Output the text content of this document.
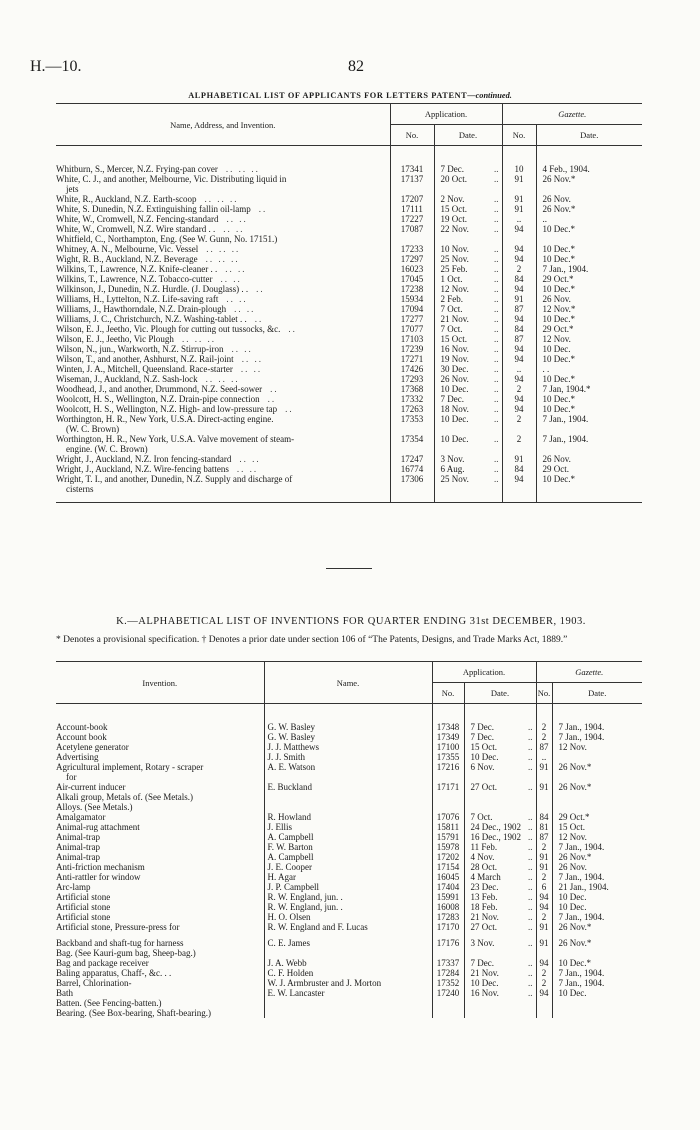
H.—10.	82
ALPHABETICAL LIST OF APPLICANTS FOR LETTERS PATENT—continued.
Name, Address, and Invention.	Application.			Gazette.	
	No.	Date.		No.	Date.

Whitburn, S., Mercer, N.Z. Frying-pan cover .. .. ..	17341	7 Dec.	..	10	4 Feb., 1904.
White, C. J., and another, Melbourne, Vic. Distributing liquid in
jets	17137	20 Oct.	..	91	26 Nov.*
White, R., Auckland, N.Z. Earth-scoop .. .. ..	17207	2 Nov.	..	91	26 Nov.
White, S. Dunedin, N.Z. Extinguishing fallin oil-lamp ..	17111	15 Oct.	..	91	26 Nov.*
White, W., Cromwell, N.Z. Fencing-standard .. ..	17227	19 Oct.	..	..	..
White, W., Cromwell, N.Z. Wire standard . . .. ..	17087	22 Nov.	..	94	10 Dec.*
Whitfield, C., Northampton, Eng. (See W. Gunn, No. 17151.)					
Whitney, A. N., Melbourne, Vic. Vessel .. .. ..	17233	10 Nov.	..	94	10 Dec.*
Wight, R. B., Auckland, N.Z. Beverage .. .. ..	17297	25 Nov.	..	94	10 Dec.*
Wilkins, T., Lawrence, N.Z. Knife-cleaner . . .. ..	16023	25 Feb.	..	2	7 Jan., 1904.
Wilkins, T., Lawrence, N.Z. Tobacco-cutter .. ..	17045	1 Oct.	..	84	29 Oct.*
Wilkinson, J., Dunedin, N.Z. Hurdle. (J. Douglass) . . ..	17238	12 Nov.	..	94	10 Dec.*
Williams, H., Lyttelton, N.Z. Life-saving raft .. ..	15934	2 Feb.	..	91	26 Nov.
Williams, J., Hawthorndale, N.Z. Drain-plough .. ..	17094	7 Oct.	..	87	12 Nov.*
Williams, J. C., Christchurch, N.Z. Washing-tablet . . ..	17277	21 Nov.	..	94	10 Dec.*
Wilson, E. J., Jeetho, Vic. Plough for cutting out tussocks, &c. ..	17077	7 Oct.	..	84	29 Oct.*
Wilson, E. J., Jeetho, Vic Plough .. .. ..	17103	15 Oct.	..	87	12 Nov.
Wilson, N., jun., Warkworth, N.Z. Stirrup-iron .. ..	17239	16 Nov.	..	94	10 Dec.
Wilson, T., and another, Ashhurst, N.Z. Rail-joint .. ..	17271	19 Nov.	..	94	10 Dec.*
Winten, J. A., Mitchell, Queensland. Race-starter .. ..	17426	30 Dec.	..	..	. .
Wiseman, J., Auckland, N.Z. Sash-lock .. .. ..	17293	26 Nov.	..	94	10 Dec.*
Woodhead, J., and another, Drummond, N.Z. Seed-sower ..	17368	10 Dec.	..	2	7 Jan, 1904.*
Woolcott, H. S., Wellington, N.Z. Drain-pipe connection ..	17332	7 Dec.	..	94	10 Dec.*
Woolcott, H. S., Wellington, N.Z. High- and low-pressure tap ..	17263	18 Nov.	..	94	10 Dec.*
Worthington, H. R., New York, U.S.A. Direct-acting engine.
(W. C. Brown)	17353	10 Dec.	..	2	7 Jan., 1904.
Worthington, H. R., New York, U.S.A. Valve movement of steam-
engine. (W. C. Brown)	17354	10 Dec.	..	2	7 Jan., 1904.
Wright, J., Auckland, N.Z. Iron fencing-standard .. ..	17247	3 Nov.	..	91	26 Nov.
Wright, J., Auckland, N.Z. Wire-fencing battens .. ..	16774	6 Aug.	..	84	29 Oct.
Wright, T. I., and another, Dunedin, N.Z. Supply and discharge of
cisterns	17306	25 Nov.	..	94	10 Dec.*

K.—ALPHABETICAL LIST OF INVENTIONS FOR QUARTER ENDING 31st DECEMBER, 1903.
* Denotes a provisional specification. † Denotes a prior date under section 106 of “The Patents, Designs, and Trade Marks Act, 1889.”
Invention.	Name.	Application.			Gazette.	
		No.	Date.		No.	Date.

Account-book	G. W. Basley	17348	7 Dec.	..	2	7 Jan., 1904.
Account book	G. W. Basley	17349	7 Dec.	..	2	7 Jan., 1904.
Acetylene generator	J. J. Matthews	17100	15 Oct.	..	87	12 Nov.
Advertising	J. J. Smith	17355	10 Dec.	..	..	
Agricultural implement, Rotary - scraper
for	A. E. Watson	17216	6 Nov.	..	91	26 Nov.*
Air-current inducer	E. Buckland	17171	27 Oct.	..	91	26 Nov.*
Alkali group, Metals of. (See Metals.)						
Alloys. (See Metals.)						
Amalgamator	R. Howland	17076	7 Oct.	..	84	29 Oct.*
Animal-rug attachment	J. Ellis	15811	24 Dec., 1902	..	81	15 Oct.
Animal-trap	A. Campbell	15791	16 Dec., 1902	..	87	12 Nov.
Animal-trap	F. W. Barton	15978	11 Feb.	..	2	7 Jan., 1904.
Animal-trap	A. Campbell	17202	4 Nov.	..	91	26 Nov.*
Anti-friction mechanism	J. E. Cooper	17154	28 Oct.	..	91	26 Nov.
Anti-rattler for window	H. Agar	16045	4 March	..	2	7 Jan., 1904.
Arc-lamp	J. P. Campbell	17404	23 Dec.	..	6	21 Jan., 1904.
Artificial stone	R. W. England, jun. .	15991	13 Feb.	..	94	10 Dec.
Artificial stone	R. W. England, jun. .	16008	18 Feb.	..	94	10 Dec.
Artificial stone	H. O. Olsen	17283	21 Nov.	..	2	7 Jan., 1904.
Artificial stone, Pressure-press for	R. W. England and F. Lucas	17170	27 Oct.	..	91	26 Nov.*
Backband and shaft-tug for harness	C. E. James	17176	3 Nov.	..	91	26 Nov.*
Bag. (See Kauri-gum bag, Sheep-bag.)						
Bag and package receiver	J. A. Webb	17337	7 Dec.	..	94	10 Dec.*
Baling apparatus, Chaff-, &c. . .	C. F. Holden	17284	21 Nov.	..	2	7 Jan., 1904.
Barrel, Chlorination-	W. J. Armbruster and J. Morton	17352	10 Dec.	..	2	7 Jan., 1904.
Bath	E. W. Lancaster	17240	16 Nov.	..	94	10 Dec.
Batten. (See Fencing-batten.)						
Bearing. (See Box-bearing, Shaft-bearing.)						
